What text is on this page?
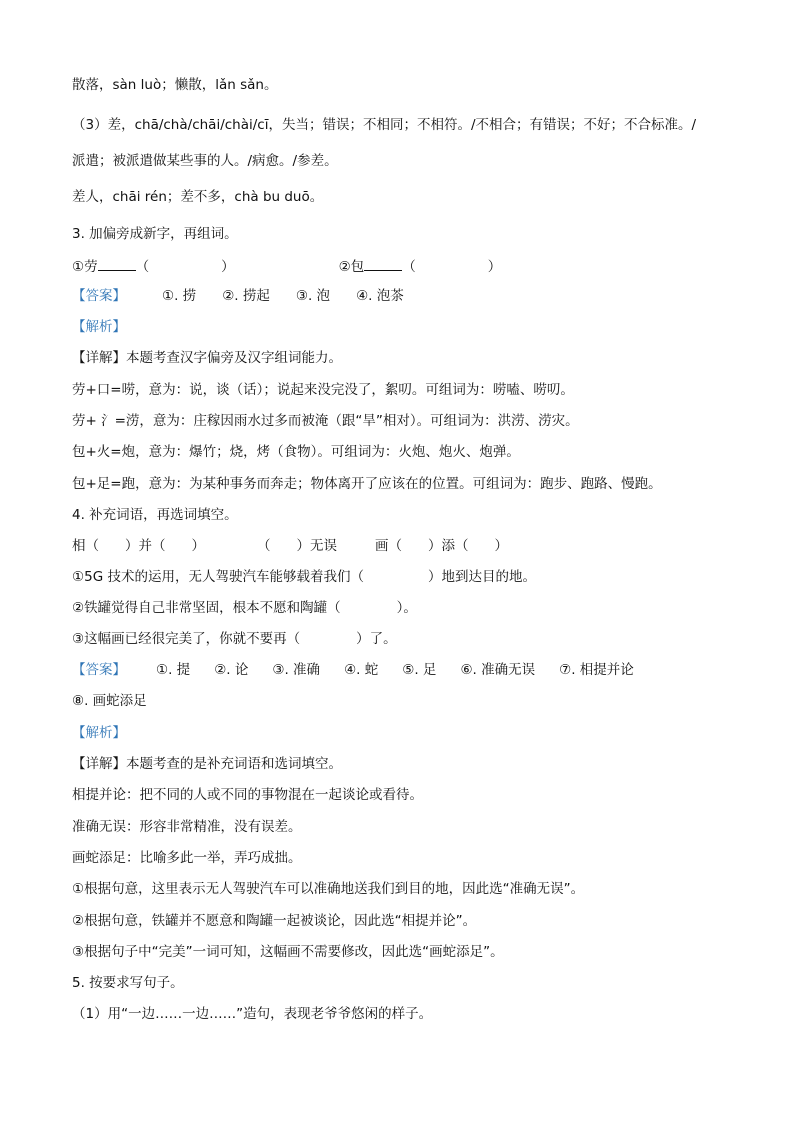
散落，sàn luò；懒散，lǎn sǎn。
（3）差，chā/chà/chāi/chài/cī，失当；错误；不相同；不相符。/不相合；有错误；不好；不合标准。/
派遣；被派遣做某些事的人。/病愈。/参差。
差人，chāi rén；差不多，chà bu duō。
3. 加偏旁成新字，再组词。
①劳	（	）	②包	（	）
【答案】	①. 捞 ②. 捞起 ③. 泡 ④. 泡茶
【解析】
【详解】本题考查汉字偏旁及汉字组词能力。
劳+口=唠，意为：说，谈（话）；说起来没完没了，絮叨。可组词为：唠嗑、唠叨。
劳+ 氵=涝，意为：庄稼因雨水过多而被淹（跟“旱”相对）。可组词为：洪涝、涝灾。
包+火=炮，意为：爆竹；烧，烤（食物）。可组词为：火炮、炮火、炮弹。
包+足=跑，意为：为某种事务而奔走；物体离开了应该在的位置。可组词为：跑步、跑路、慢跑。
4. 补充词语，再选词填空。
相（ ）并（ ）	（ ）无误	画（ ）添（ ）
①5G 技术的运用，无人驾驶汽车能够载着我们（	）地到达目的地。
②铁罐觉得自己非常坚固，根本不愿和陶罐（	）。
③这幅画已经很完美了，你就不要再（	）了。
【答案】 ①. 提 ②. 论 ③. 准确 ④. 蛇 ⑤. 足 ⑥. 准确无误 ⑦. 相提并论
⑧. 画蛇添足
【解析】
【详解】本题考查的是补充词语和选词填空。
相提并论：把不同的人或不同的事物混在一起谈论或看待。
准确无误：形容非常精准，没有误差。
画蛇添足：比喻多此一举，弄巧成拙。
①根据句意，这里表示无人驾驶汽车可以准确地送我们到目的地，因此选“准确无误”。
②根据句意，铁罐并不愿意和陶罐一起被谈论，因此选“相提并论”。
③根据句子中“完美”一词可知，这幅画不需要修改，因此选“画蛇添足”。
5. 按要求写句子。
（1）用“一边……一边……”造句，表现老爷爷悠闲的样子。
